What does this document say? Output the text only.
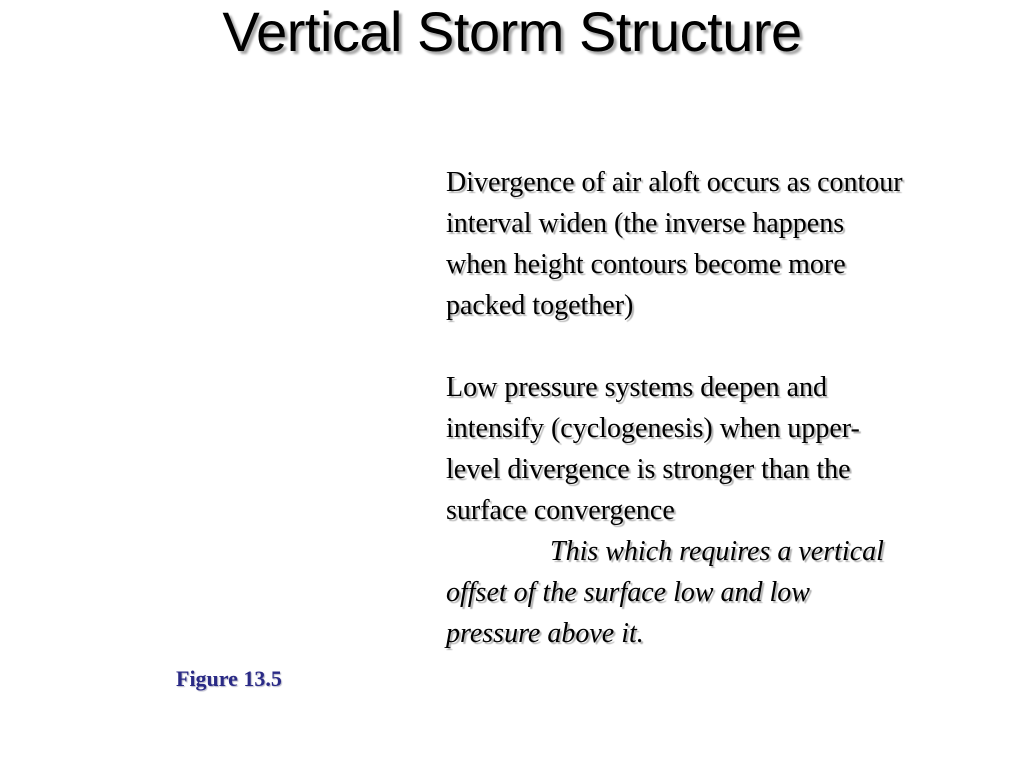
Vertical Storm Structure

Divergence of air aloft occurs as contour
interval widen (the inverse happens
when height contours become more
packed together)

Low pressure systems deepen and
intensify (cyclogenesis) when upper-
level divergence is stronger than the
surface convergence

This which requires a vertical
offset of the surface low and low
pressure above it.

Figure 13.5
